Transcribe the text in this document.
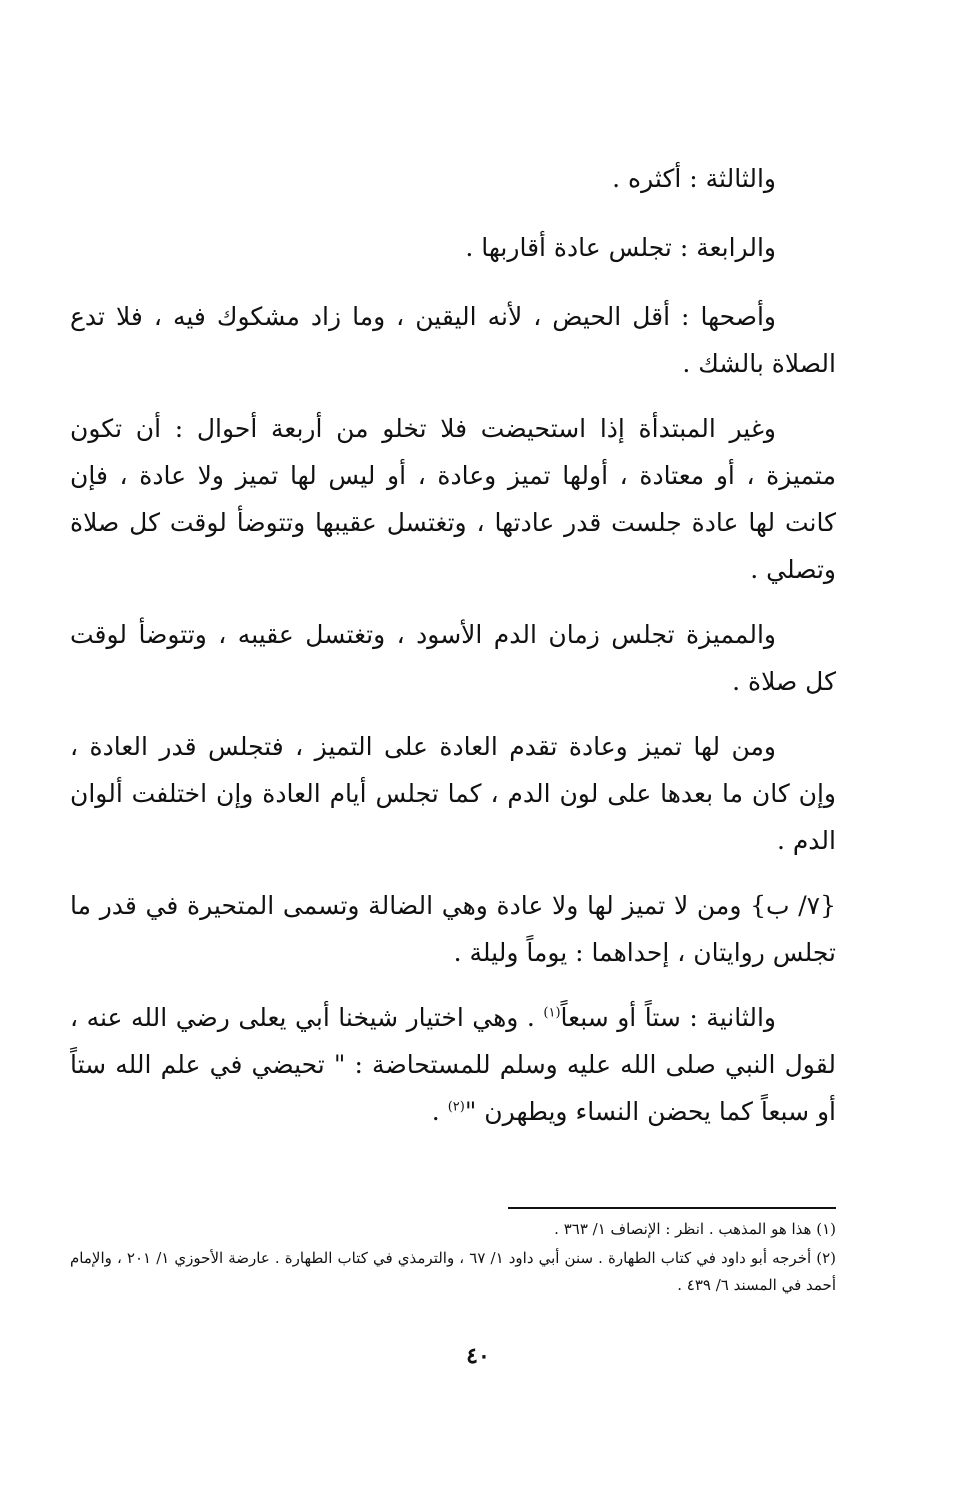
والثالثة : أكثره .

والرابعة : تجلس عادة أقاربها .

وأصحها : أقل الحيض ، لأنه اليقين ، وما زاد مشكوك فيه ، فلا تدع الصلاة بالشك .

وغير المبتدأة إذا استحيضت فلا تخلو من أربعة أحوال : أن تكون متميزة ، أو معتادة ، أولها تميز وعادة ، أو ليس لها تميز ولا عادة ، فإن كانت لها عادة جلست قدر عادتها ، وتغتسل عقيبها وتتوضأ لوقت كل صلاة وتصلي .

والمميزة تجلس زمان الدم الأسود ، وتغتسل عقيبه ، وتتوضأ لوقت كل صلاة .

ومن لها تميز وعادة تقدم العادة على التميز ، فتجلس قدر العادة ، وإن كان ما بعدها على لون الدم ، كما تجلس أيام العادة وإن اختلفت ألوان الدم .

{٧/ ب} ومن لا تميز لها ولا عادة وهي الضالة وتسمى المتحيرة في قدر ما تجلس روايتان ، إحداهما : يوماً وليلة .

والثانية : ستاً أو سبعاً$^{(١)}$ . وهي اختيار شيخنا أبي يعلى رضي الله عنه ، لقول النبي صلى الله عليه وسلم للمستحاضة : " تحيضي في علم الله ستاً أو سبعاً كما يحضن النساء ويطهرن "$^{(٢)}$ .

(١) هذا هو المذهب . انظر : الإنصاف ١/ ٣٦٣ .

(٢) أخرجه أبو داود في كتاب الطهارة . سنن أبي داود ١/ ٦٧ ، والترمذي في كتاب الطهارة . عارضة الأحوزي ١/ ٢٠١ ، والإمام أحمد في المسند ٦/ ٤٣٩ .

٤٠
